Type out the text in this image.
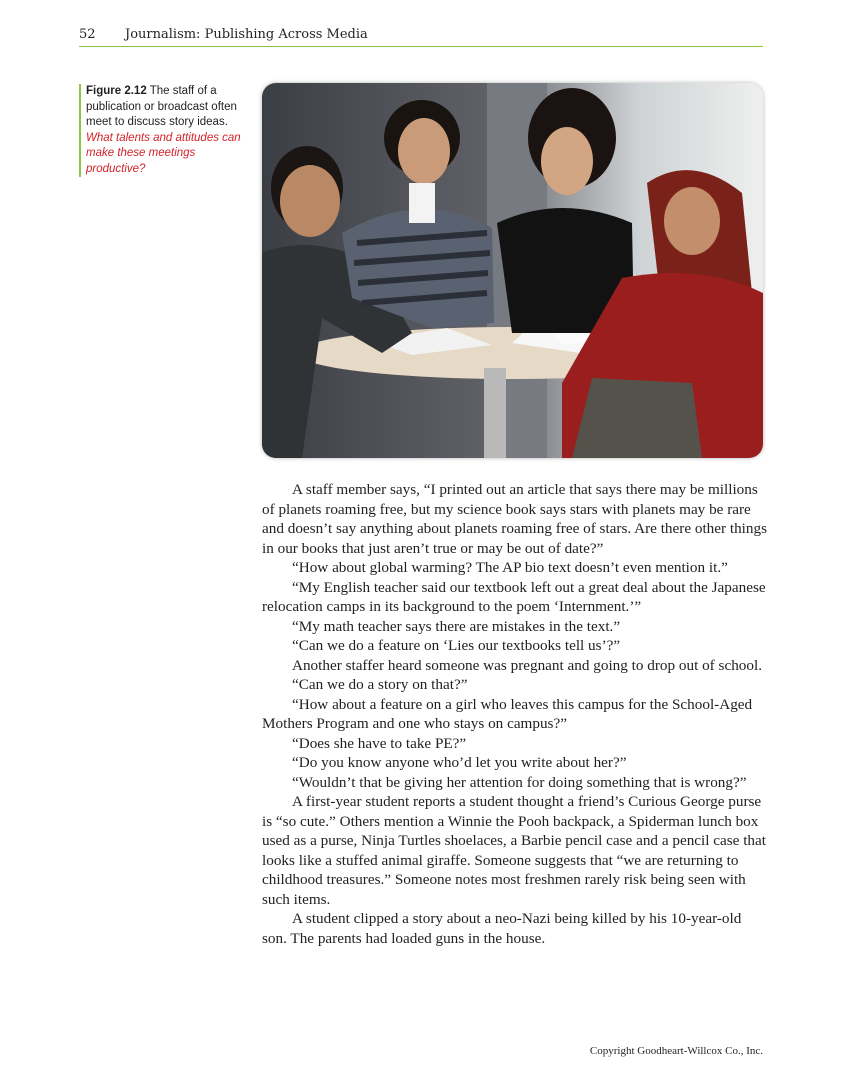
52 Journalism: Publishing Across Media
Figure 2.12 The staff of a publication or broadcast often meet to discuss story ideas. What talents and attitudes can make these meetings productive?

A staff member says, “I printed out an article that says there may be millions of planets roaming free, but my science book says stars with planets may be rare and doesn’t say anything about planets roaming free of stars. Are there other things in our books that just aren’t true or may be out of date?”

“How about global warming? The AP bio text doesn’t even mention it.”

“My English teacher said our textbook left out a great deal about the Japanese relocation camps in its background to the poem ‘Internment.’”

“My math teacher says there are mistakes in the text.”

“Can we do a feature on ‘Lies our textbooks tell us’?”

Another staffer heard someone was pregnant and going to drop out of school.

“Can we do a story on that?”

“How about a feature on a girl who leaves this campus for the School-Aged Mothers Program and one who stays on campus?”

“Does she have to take PE?”

“Do you know anyone who’d let you write about her?”

“Wouldn’t that be giving her attention for doing something that is wrong?”

A first-year student reports a student thought a friend’s Curious George purse is “so cute.” Others mention a Winnie the Pooh backpack, a Spiderman lunch box used as a purse, Ninja Turtles shoelaces, a Barbie pencil case and a pencil case that looks like a stuffed animal giraffe. Someone suggests that “we are returning to childhood treasures.” Someone notes most freshmen rarely risk being seen with such items.

A student clipped a story about a neo-Nazi being killed by his 10-year-old son. The parents had loaded guns in the house.

Copyright Goodheart-Willcox Co., Inc.
